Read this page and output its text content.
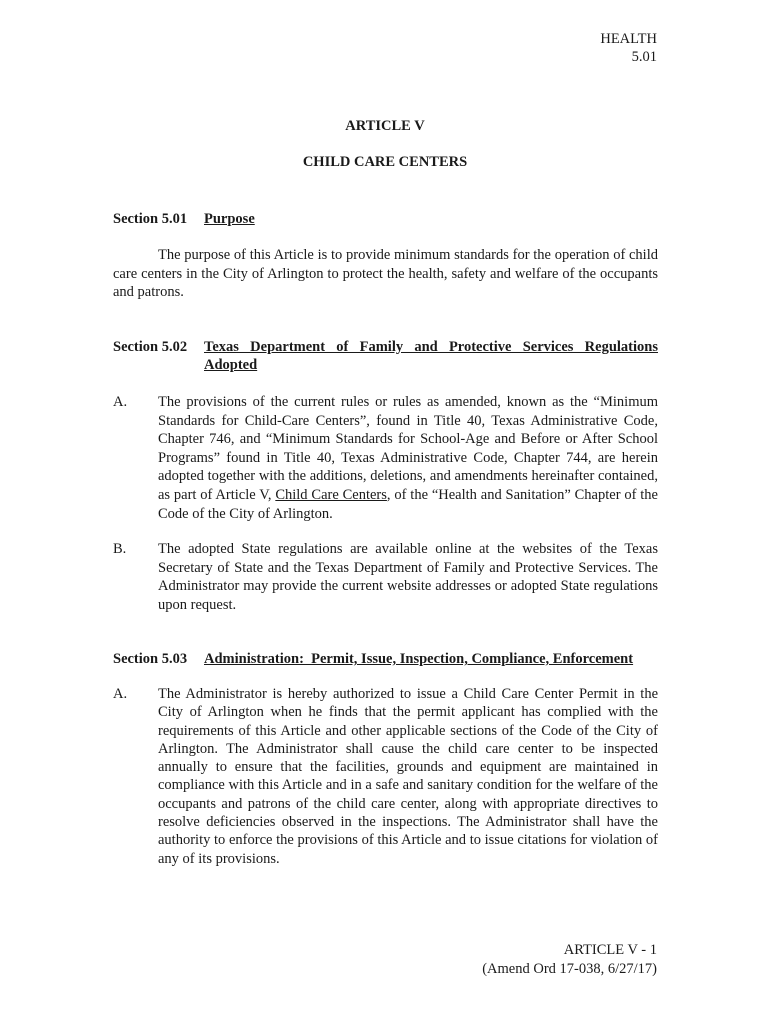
HEALTH
5.01
ARTICLE V
CHILD CARE CENTERS
Section 5.01 Purpose
The purpose of this Article is to provide minimum standards for the operation of child care centers in the City of Arlington to protect the health, safety and welfare of the occupants and patrons.
Section 5.02 Texas Department of Family and Protective Services Regulations Adopted
A. The provisions of the current rules or rules as amended, known as the “Minimum Standards for Child-Care Centers”, found in Title 40, Texas Administrative Code, Chapter 746, and “Minimum Standards for School-Age and Before or After School Programs” found in Title 40, Texas Administrative Code, Chapter 744, are herein adopted together with the additions, deletions, and amendments hereinafter contained, as part of Article V, Child Care Centers, of the “Health and Sanitation” Chapter of the Code of the City of Arlington.
B. The adopted State regulations are available online at the websites of the Texas Secretary of State and the Texas Department of Family and Protective Services. The Administrator may provide the current website addresses or adopted State regulations upon request.
Section 5.03 Administration:  Permit, Issue, Inspection, Compliance, Enforcement
A. The Administrator is hereby authorized to issue a Child Care Center Permit in the City of Arlington when he finds that the permit applicant has complied with the requirements of this Article and other applicable sections of the Code of the City of Arlington. The Administrator shall cause the child care center to be inspected annually to ensure that the facilities, grounds and equipment are maintained in compliance with this Article and in a safe and sanitary condition for the welfare of the occupants and patrons of the child care center, along with appropriate directives to resolve deficiencies observed in the inspections. The Administrator shall have the authority to enforce the provisions of this Article and to issue citations for violation of any of its provisions.
ARTICLE V - 1
(Amend Ord 17-038, 6/27/17)
